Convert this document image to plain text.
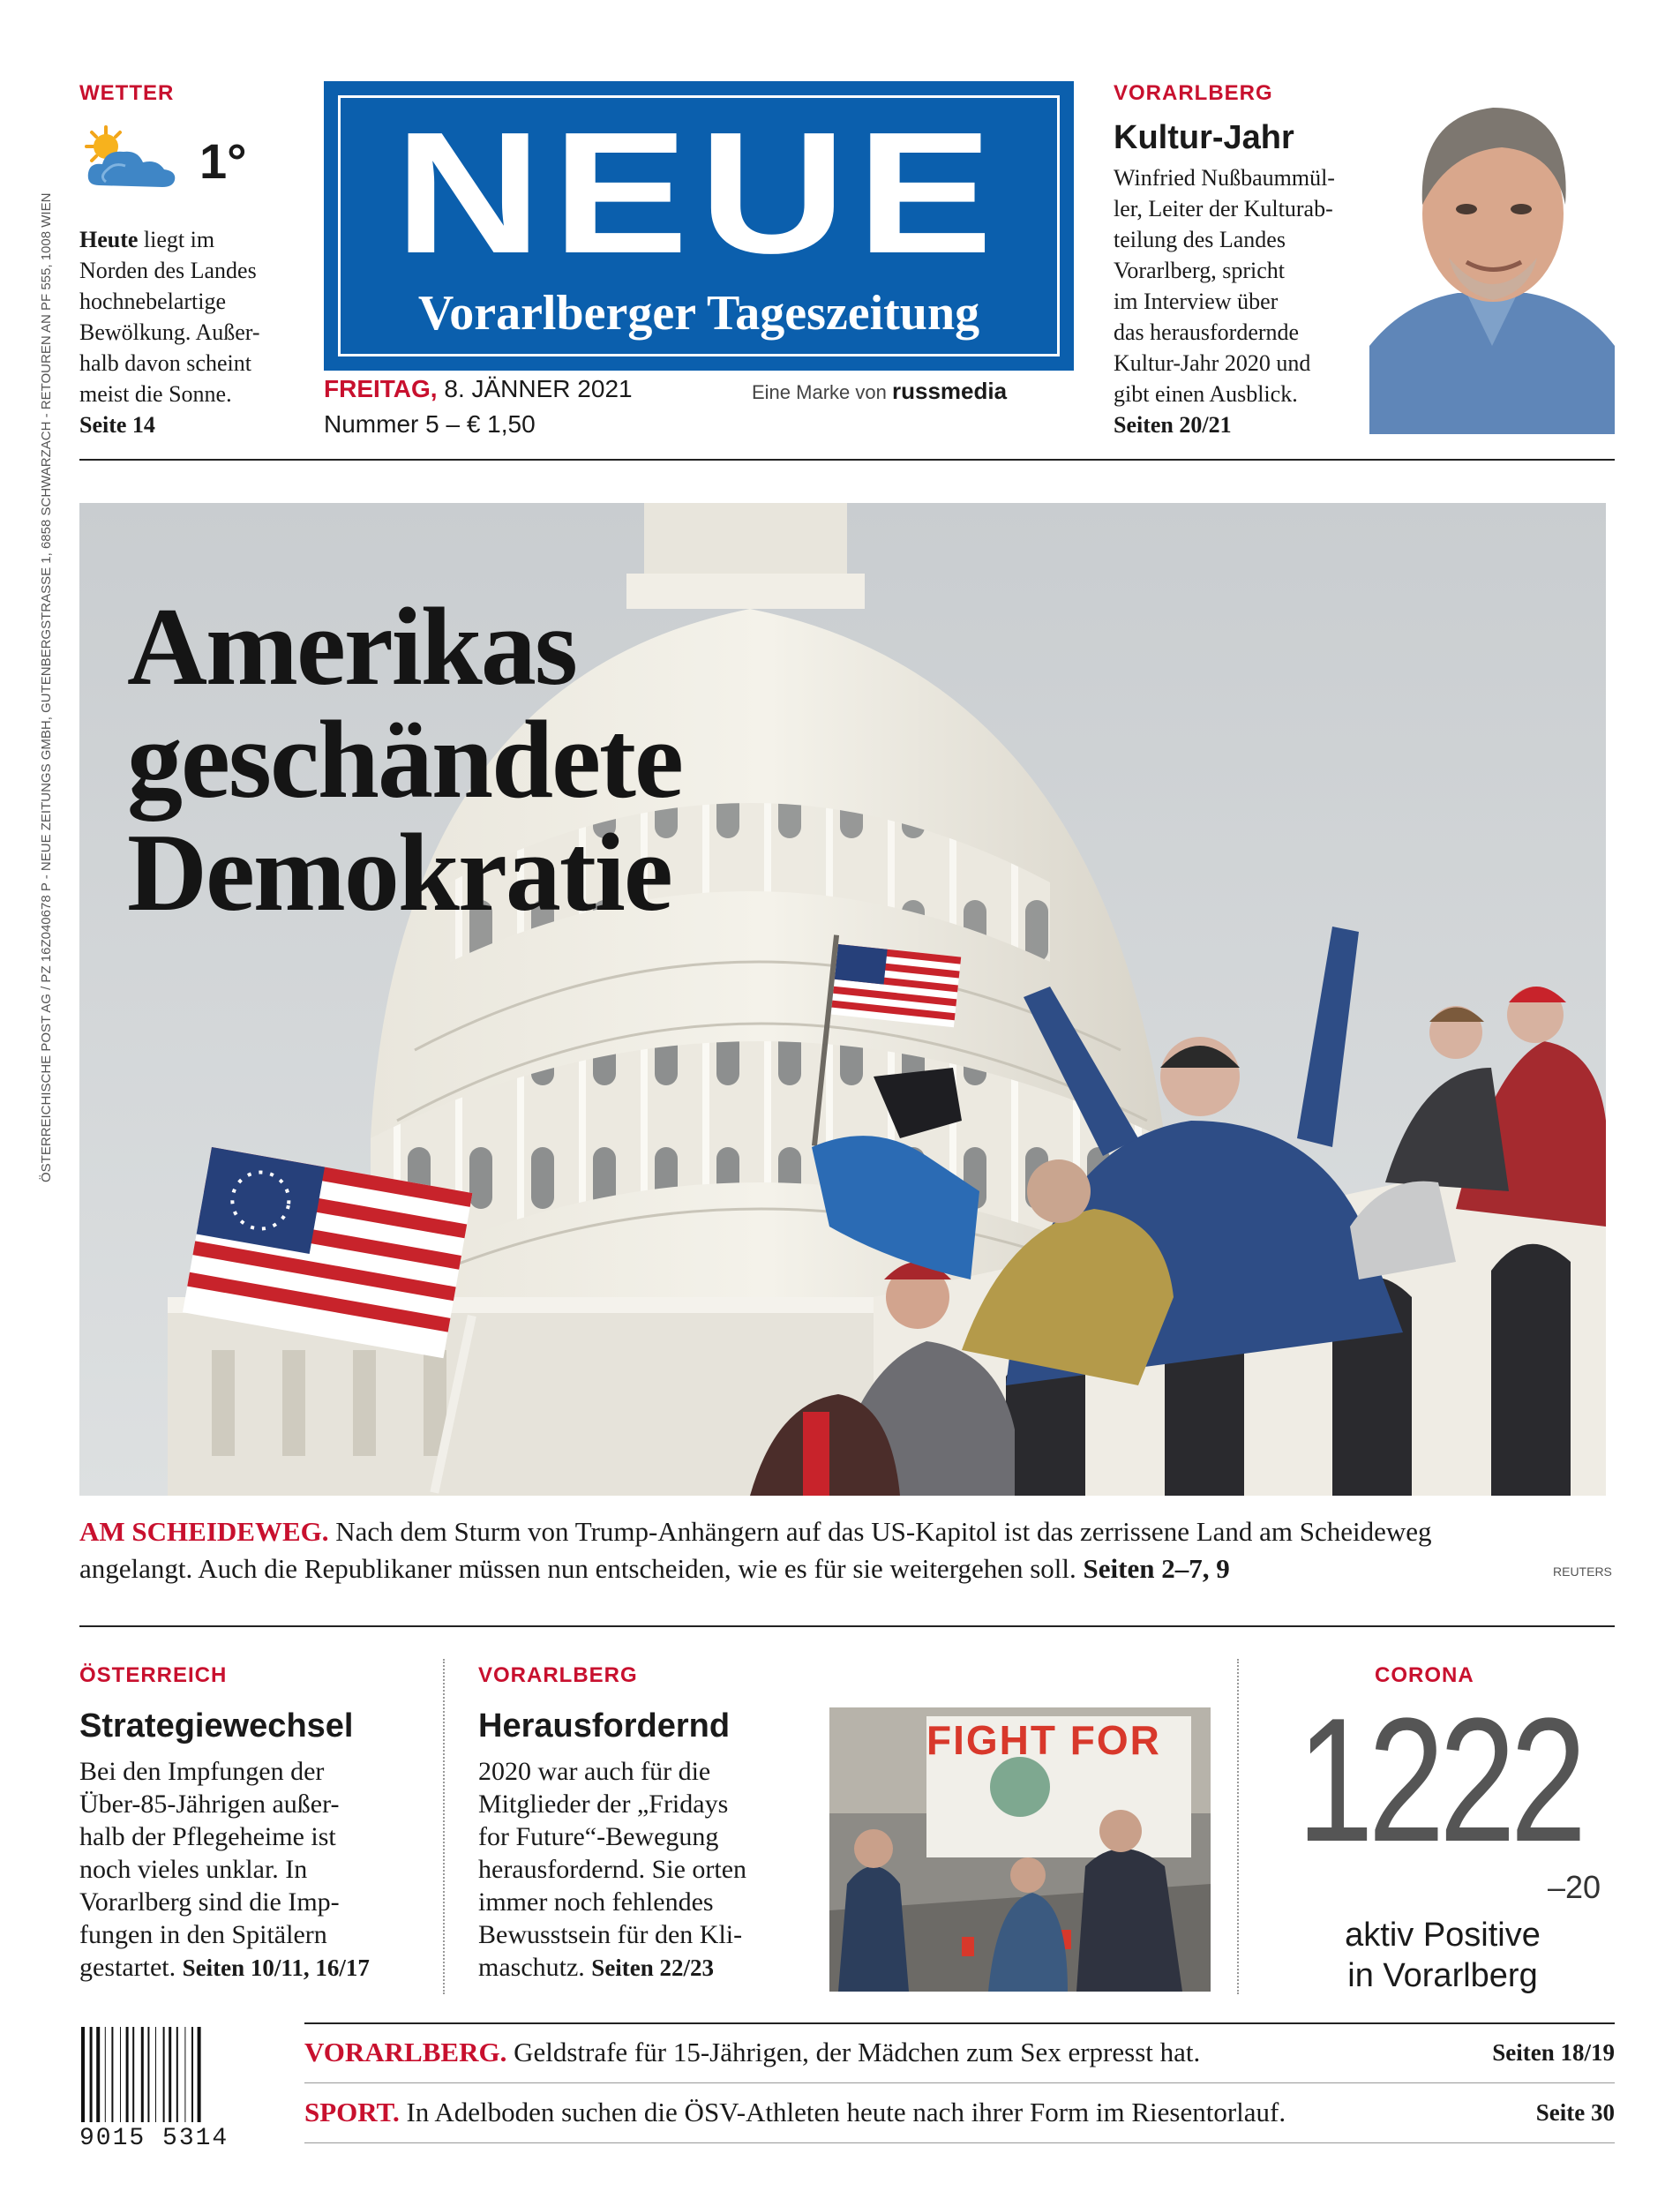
ÖSTERREICHISCHE POST AG / PZ 16Z040678 P - NEUE ZEITUNGS GMBH, GUTENBERGSTRASSE 1, 6858 SCHWARZACH - RETOUREN AN PF 555, 1008 WIEN
WETTER
1°
Heute liegt im
Norden des Landes
hochnebelartige
Bewölkung. Außer-
halb davon scheint
meist die Sonne.
Seite 14
NEUE
Vorarlberger Tageszeitung
FREITAG, 8. JÄNNER 2021
Nummer 5 – € 1,50
Eine Marke von russmedia
VORARLBERG
Kultur-Jahr
Winfried Nußbaummül-
ler, Leiter der Kulturab-
teilung des Landes
Vorarlberg, spricht
im Interview über
das herausfordernde
Kultur-Jahr 2020 und
gibt einen Ausblick.
Seiten 20/21
Amerikas
geschändete
Demokratie
AM SCHEIDEWEG. Nach dem Sturm von Trump-Anhängern auf das US-Kapitol ist das zerrissene Land am Scheideweg
angelangt. Auch die Republikaner müssen nun entscheiden, wie es für sie weitergehen soll. Seiten 2–7, 9	REUTERS
ÖSTERREICH
Strategiewechsel
Bei den Impfungen der
Über-85-Jährigen außer-
halb der Pflegeheime ist
noch vieles unklar. In
Vorarlberg sind die Imp-
fungen in den Spitälern
gestartet. Seiten 10/11, 16/17
VORARLBERG
Herausfordernd
2020 war auch für die
Mitglieder der „Fridays
for Future“-Bewegung
herausfordernd. Sie orten
immer noch fehlendes
Bewusstsein für den Kli-
maschutz. Seiten 22/23
FIGHT FOR
CORONA
1222
–20
aktiv Positive
in Vorarlberg
9015 5314
VORARLBERG. Geldstrafe für 15-Jährigen, der Mädchen zum Sex erpresst hat.	Seiten 18/19
SPORT. In Adelboden suchen die ÖSV-Athleten heute nach ihrer Form im Riesentorlauf.	Seite 30
